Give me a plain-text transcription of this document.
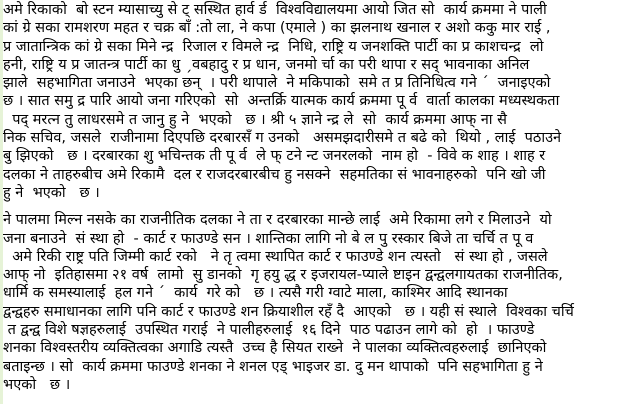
अमे रिकाको  बो स्टन म्यासाच्यु से ट् सस्थित हार्व र्ड  विश्वविद्यालयमा आयो जित सो  कार्य क्रममा ने पाली
कां ग्रे सका रामशरण महत र चक्र बाँ :तो ला, ने कपा (एमाले ) का झलनाथ खनाल र अशो ककु मार राई ,
प्र जातान्त्रिक कां ग्रे सका मिने न्द्र  रिजाल र विमले न्द्र  निधि, राष्ट्रि य जनशक्ति पार्टी का प्र काशचन्द्र  लो
हनी, राष्ट्रि य प्र जातन्त्र पार्टी का धु ˏवबहादु र प्र धान, जनमो र्चा का परी थापा र सद् भावनाका अनिल
झाले  सहभागिता जनाउने  भएका छन्  । परी थापाले  ने मकिपाको  समे त प्र तिनिधित्व गने ˊ  जनाइएको
छ । सात समु द्र पारि आयो जना गरिएको  सो  अन्तर्क्रि यात्मक कार्य क्रममा पू र्व  वार्ता कालका मध्यस्थकता
पद् मरत्न तु लाधरसमे त जानु हु ने  भएको   छ । श्री ५ ज्ञाने न्द्र ले  सो  कार्य क्रममा आफ् ना सै
निक सचिव, जसले  राजीनामा दिएपछि दरबारसँ ग उनको   असमझदारीसमे त बढे को  थियो , लाई  पठाउने
बु झिएको   छ । दरबारका शु भचिन्तक ती पू र्व  ले फ् टने न्ट जनरलको  नाम हो  - विवे क शाह । शाह र
दलका ने ताहरुबीच अमे रिकामै  दल र राजदरबारबीच हु नसक्ने  सहमतिका सं भावनाहरुको  पनि खो जी
हु ने  भएको   छ ।
ने पालमा मिल्न नसके का राजनीतिक दलका ने ता र दरबारका मान्छे लाई  अमे रिकामा लगे र मिलाउने  यो
जना बनाउने  सं स्था हो  - कार्ट र फाउण्डे सन । शान्तिका लागि नो बे ल पु रस्कार बिजे ता चर्चि त पू व
अमे रिकी राष्ट्र पति जिम्मी कार्ट रको   ने तृ त्वमा स्थापित कार्ट र फाउण्डे शन त्यस्तो   सं स्था हो , जसले
आफ् नो  इतिहासमा २१ वर्ष  लामो  सु डानको  गृ हयु द्ध र इजरायल-प्याले ष्टाइन द्वन्द्वलगायतका राजनीतिक,
धार्मि क समस्यालाई  हल गने ˊ  कार्य  गरे को   छ । त्यसै गरी ग्वाटे माला, काश्मिर आदि स्थानका
द्वन्द्वहरु समाधानका लागि पनि कार्ट र फाउण्डे शन क्रियाशील रहँ दै  आएको   छ । यही सं स्थाले  विश्वका चर्चि
त द्वन्द्व विशे षज्ञहरुलाई  उपस्थित गराई  ने पालीहरुलाई  १६ दिने  पाठ पढाउन लागे को  हो  । फाउण्डे
शनका विश्वस्तरीय व्यक्तित्वका अगाडि त्यस्तै  उच्च है सियत राख्ने  ने पालका व्यक्तित्वहरुलाई  छानिएको
बताइन्छ । सो  कार्य क्रममा फाउण्डे शनका ने शनल एड् भाइजर डा. दु मन थापाको  पनि सहभागिता हु ने
भएको   छ ।
